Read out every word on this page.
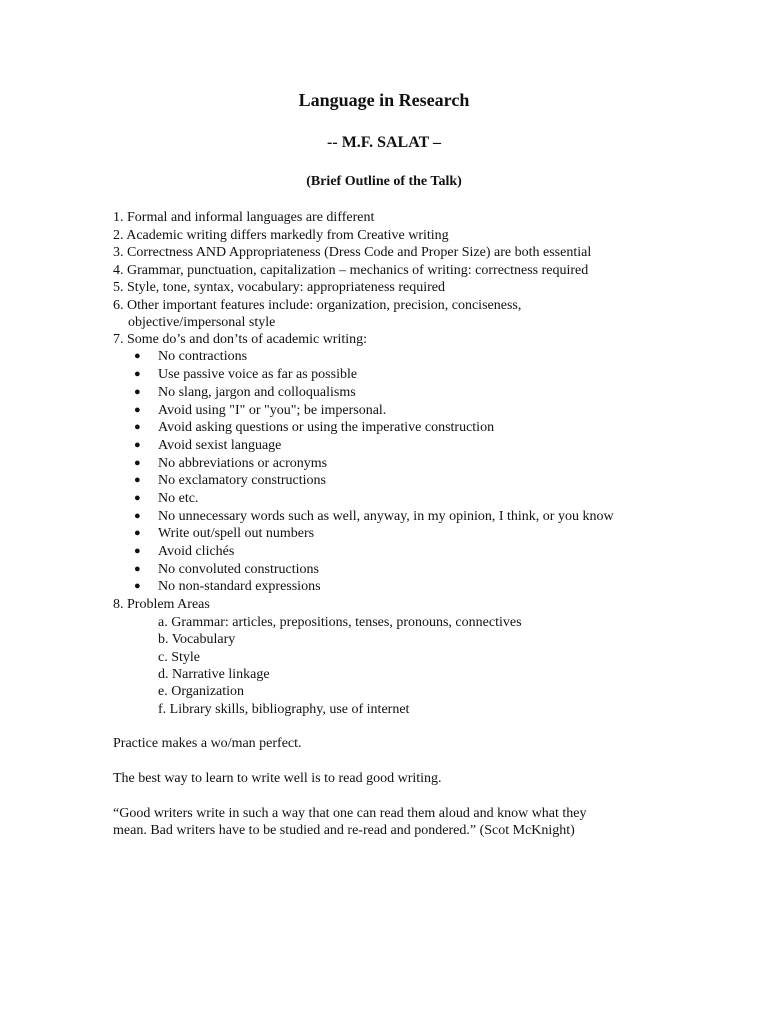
Language in Research
-- M.F. SALAT –
(Brief Outline of the Talk)
1. Formal and informal languages are different
2. Academic writing differs markedly from Creative writing
3. Correctness AND Appropriateness (Dress Code and Proper Size) are both essential
4. Grammar, punctuation, capitalization – mechanics of writing: correctness required
5. Style, tone, syntax, vocabulary: appropriateness required
6. Other important features include: organization, precision, conciseness,
objective/impersonal style
7. Some do’s and don’ts of academic writing:
● No contractions
● Use passive voice as far as possible
● No slang, jargon and colloqualisms
● Avoid using "I" or "you"; be impersonal.
● Avoid asking questions or using the imperative construction
● Avoid sexist language
● No abbreviations or acronyms
● No exclamatory constructions
● No etc.
● No unnecessary words such as well, anyway, in my opinion, I think, or you know
● Write out/spell out numbers
● Avoid clichés
● No convoluted constructions
● No non-standard expressions
8. Problem Areas
a. Grammar: articles, prepositions, tenses, pronouns, connectives
b. Vocabulary
c. Style
d. Narrative linkage
e. Organization
f. Library skills, bibliography, use of internet
Practice makes a wo/man perfect.
The best way to learn to write well is to read good writing.
“Good writers write in such a way that one can read them aloud and know what they
mean. Bad writers have to be studied and re-read and pondered.” (Scot McKnight)
